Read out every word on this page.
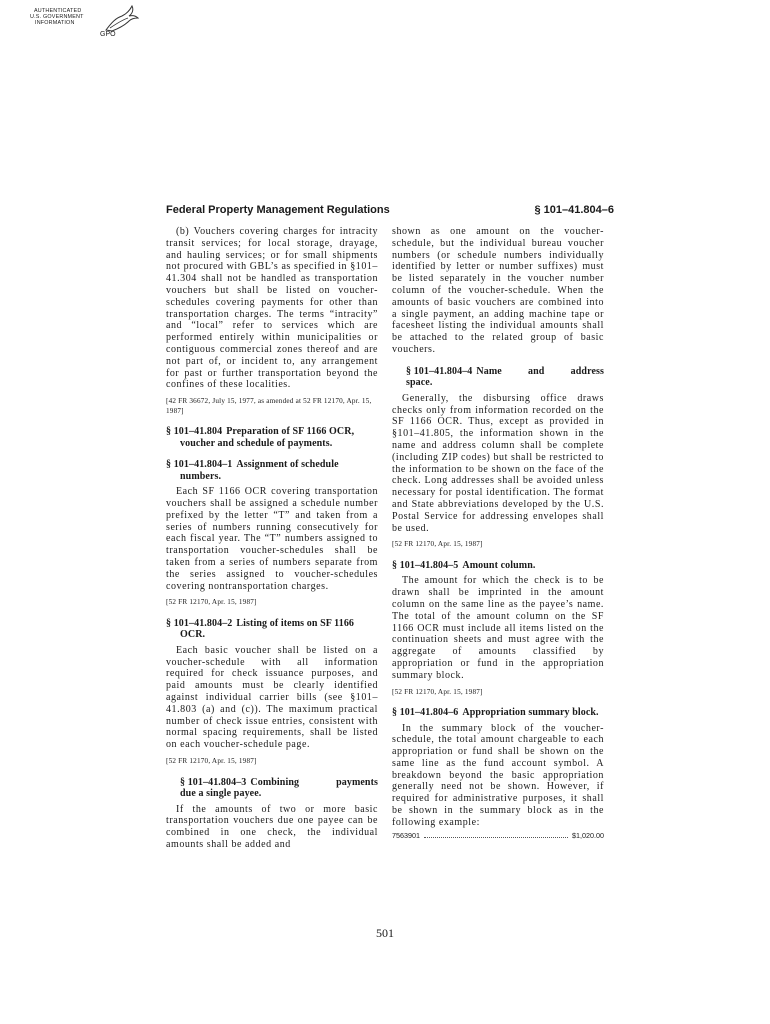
AUTHENTICATED
U.S. GOVERNMENT
INFORMATION
GPO
Federal Property Management Regulations	§ 101–41.804–6

(b) Vouchers covering charges for intracity transit services; for local storage, drayage, and hauling services; or for small shipments not procured with GBL’s as specified in §101–41.304 shall not be handled as transportation vouchers but shall be listed on voucher-schedules covering payments for other than transportation charges. The terms “intracity” and “local” refer to services which are performed entirely within municipalities or contiguous commercial zones thereof and are not part of, or incident to, any arrangement for past or further transportation beyond the confines of these localities.

[42 FR 36672, July 15, 1977, as amended at 52 FR 12170, Apr. 15, 1987]

§ 101–41.804 Preparation of SF 1166 OCR, voucher and schedule of payments.
§ 101–41.804–1 Assignment of schedule numbers.

Each SF 1166 OCR covering transportation vouchers shall be assigned a schedule number prefixed by the letter “T” and taken from a series of numbers running consecutively for each fiscal year. The “T” numbers assigned to transportation voucher-schedules shall be taken from a series of numbers separate from the series assigned to voucher-schedules covering nontransportation charges.

[52 FR 12170, Apr. 15, 1987]

§ 101–41.804–2 Listing of items on SF 1166 OCR.

Each basic voucher shall be listed on a voucher-schedule with all information required for check issuance purposes, and paid amounts must be clearly identified against individual carrier bills (see §101–41.803 (a) and (c)). The maximum practical number of check issue entries, consistent with normal spacing requirements, shall be listed on each voucher-schedule page.

[52 FR 12170, Apr. 15, 1987]

§ 101–41.804–3 Combining	payments
due a single payee.

If the amounts of two or more basic transportation vouchers due one payee can be combined in one check, the individual amounts shall be added and

shown as one amount on the voucher-schedule, but the individual bureau voucher numbers (or schedule numbers individually identified by letter or number suffixes) must be listed separately in the voucher number column of the voucher-schedule. When the amounts of basic vouchers are combined into a single payment, an adding machine tape or facesheet listing the individual amounts shall be attached to the related group of basic vouchers.

§ 101–41.804–4 Name	and	address
space.

Generally, the disbursing office draws checks only from information recorded on the SF 1166 OCR. Thus, except as provided in §101–41.805, the information shown in the name and address column shall be complete (including ZIP codes) but shall be restricted to the information to be shown on the face of the check. Long addresses shall be avoided unless necessary for postal identification. The format and State abbreviations developed by the U.S. Postal Service for addressing envelopes shall be used.

[52 FR 12170, Apr. 15, 1987]

§ 101–41.804–5 Amount column.

The amount for which the check is to be drawn shall be imprinted in the amount column on the same line as the payee’s name. The total of the amount column on the SF 1166 OCR must include all items listed on the continuation sheets and must agree with the aggregate of amounts classified by appropriation or fund in the appropriation summary block.

[52 FR 12170, Apr. 15, 1987]

§ 101–41.804–6 Appropriation summary block.

In the summary block of the voucher-schedule, the total amount chargeable to each appropriation or fund shall be shown on the same line as the fund account symbol. A breakdown beyond the basic appropriation generally need not be shown. However, if required for administrative purposes, it shall be shown in the summary block as in the following example:

7563901	$1,020.00
501
